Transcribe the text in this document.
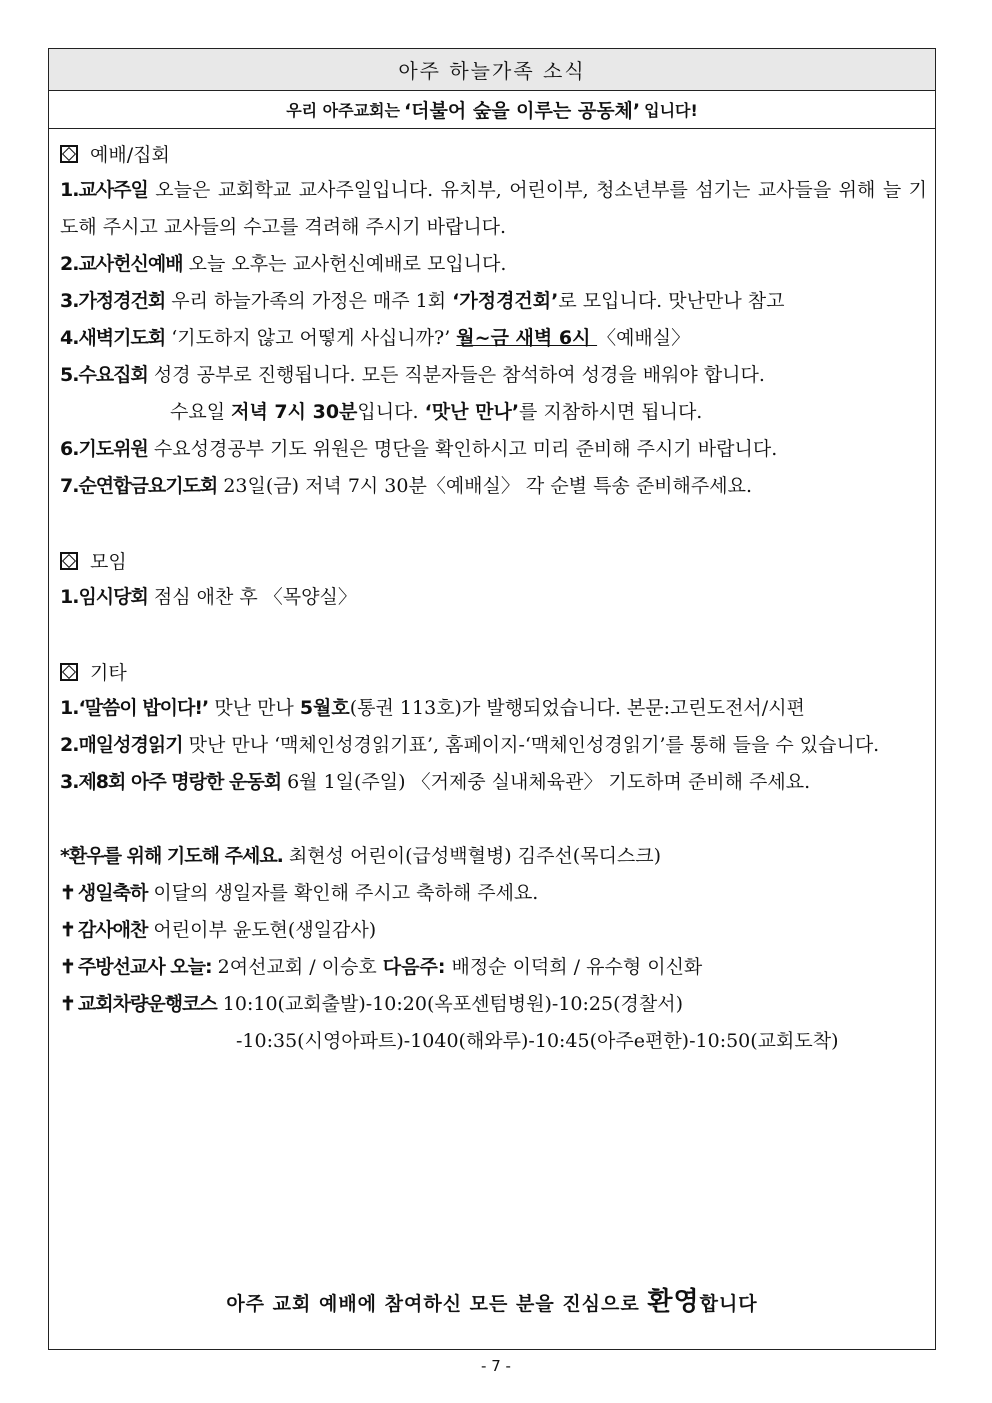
아주 하늘가족 소식
우리 아주교회는 ‘더불어 숲을 이루는 공동체’ 입니다!
예배/집회
1.교사주일 오늘은 교회학교 교사주일입니다. 유치부, 어린이부, 청소년부를 섬기는 교사들을 위해 늘 기도해 주시고 교사들의 수고를 격려해 주시기 바랍니다.
2.교사헌신예배 오늘 오후는 교사헌신예배로 모입니다.
3.가정경건회 우리 하늘가족의 가정은 매주 1회 ‘가정경건회’로 모입니다. 맛난만나 참고
4.새벽기도회 ‘기도하지 않고 어떻게 사십니까?’ 월~금 새벽 6시 〈예배실〉
5.수요집회 성경 공부로 진행됩니다. 모든 직분자들은 참석하여 성경을 배워야 합니다.
수요일 저녁 7시 30분입니다. ‘맛난 만나’를 지참하시면 됩니다.
6.기도위원 수요성경공부 기도 위원은 명단을 확인하시고 미리 준비해 주시기 바랍니다.
7.순연합금요기도회 23일(금) 저녁 7시 30분〈예배실〉 각 순별 특송 준비해주세요.
모임
1.임시당회 점심 애찬 후 〈목양실〉
기타
1.‘말씀이 밥이다!’ 맛난 만나 5월호(통권 113호)가 발행되었습니다. 본문:고린도전서/시편
2.매일성경읽기 맛난 만나 ‘맥체인성경읽기표’, 홈페이지-‘맥체인성경읽기’를 통해 들을 수 있습니다.
3.제8회 아주 명랑한 운동회 6월 1일(주일) 〈거제중 실내체육관〉 기도하며 준비해 주세요.
*환우를 위해 기도해 주세요. 최현성 어린이(급성백혈병) 김주선(목디스크)
✝ 생일축하 이달의 생일자를 확인해 주시고 축하해 주세요.
✝ 감사애찬 어린이부 윤도현(생일감사)
✝ 주방선교사 오늘: 2여선교회 / 이승호 다음주: 배정순 이덕희 / 유수형 이신화
✝ 교회차량운행코스 10:10(교회출발)-10:20(옥포센텀병원)-10:25(경찰서)
-10:35(시영아파트)-1040(해와루)-10:45(아주e편한)-10:50(교회도착)
아주 교회 예배에 참여하신 모든 분을 진심으로 환영합니다
- 7 -
